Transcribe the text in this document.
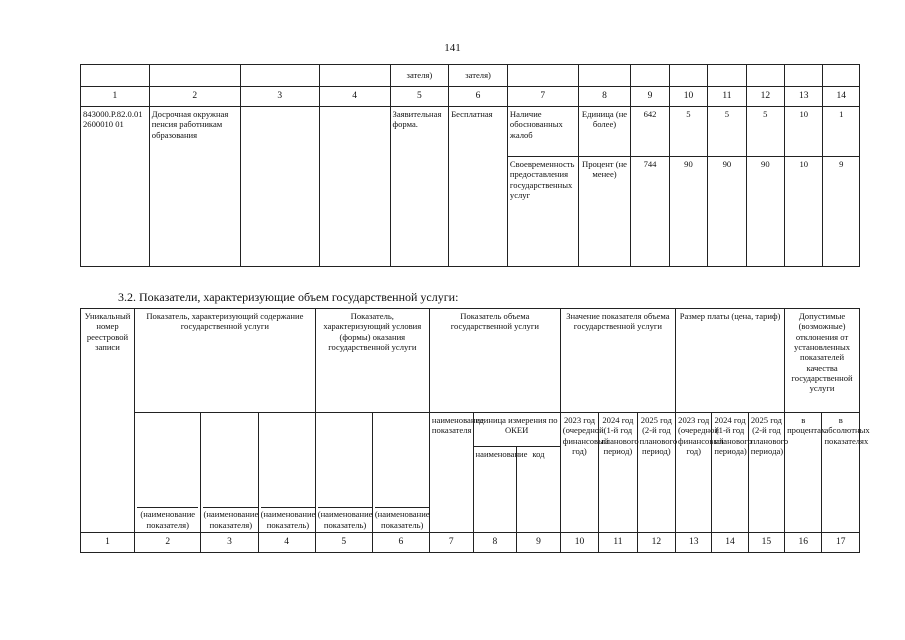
141
				зателя)	зателя)								
1	2	3	4	5	6	7	8	9	10	11	12	13	14
843000.Р.82.0.012600010 01	Досрочная окружная пенсия работникам образования			Заявительная форма.	Бесплатная	Наличие обоснованных жалоб	Единица (не более)	642	5	5	5	10	1
						Своевременность предоставления государственных услуг	Процент (не менее)	744	90	90	90	10	9
3.2. Показатели, характеризующие объем государственной услуги:
Уникальный номер реестровой записи	Показатель, характеризующий содержание государственной услуги			Показатель, характеризующий условия (формы) оказания государственной услуги		Показатель объема государственной услуги			Значение показателя объема государственной услуги			Размер платы (цена, тариф)			Допустимые (возможные) отклонения от установленных показателей качества государственной услуги	
	(наименование показателя)	(наименование показателя)	(наименование показатель)	(наименование показатель)	(наименование показатель)	наименование показателя	единица измерения по ОКЕИ		2023 год (очередной финансовый год)	2024 год (1-й год планового период)	2025 год (2-й год планового период)	2023 год (очередной финансовый год)	2024 год (1-й год планового периода)	2025 год (2-й год планового периода)	в процентах	в абсолютных показателях
							наименование	код								
1	2	3	4	5	6	7	8	9	10	11	12	13	14	15	16	17
